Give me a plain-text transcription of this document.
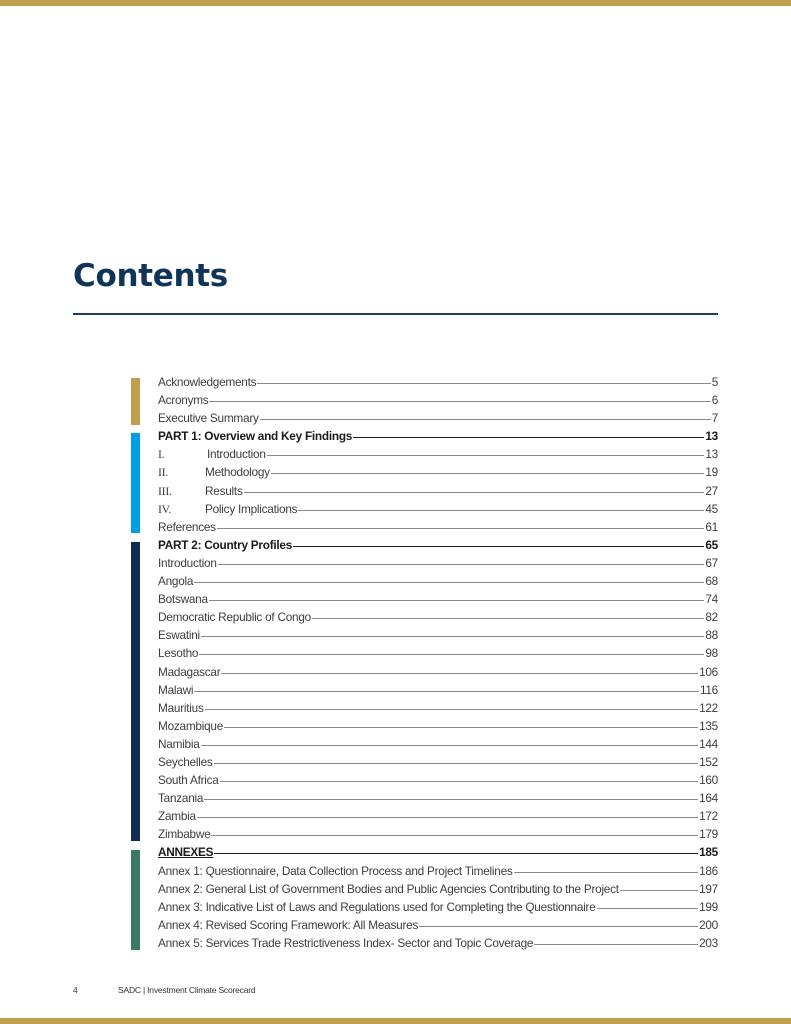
Contents
Acknowledgements	5
Acronyms	6
Executive Summary	7
PART 1: Overview and Key Findings	13
I.	Introduction	13
II.	Methodology	19
III.	Results	27
IV.	Policy Implications	45
References	61
PART 2: Country Profiles	65
Introduction	67
Angola	68
Botswana	74
Democratic Republic of Congo	82
Eswatini	88
Lesotho	98
Madagascar	106
Malawi	116
Mauritius	122
Mozambique	135
Namibia	144
Seychelles	152
South Africa	160
Tanzania	164
Zambia	172
Zimbabwe	179
ANNEXES	185
Annex 1: Questionnaire, Data Collection Process and Project Timelines	186
Annex 2: General List of Government Bodies and Public Agencies Contributing to the Project	197
Annex 3: Indicative List of Laws and Regulations used for Completing the Questionnaire	199
Annex 4: Revised Scoring Framework: All Measures	200
Annex 5: Services Trade Restrictiveness Index- Sector and Topic Coverage	203
4	SADC | Investment Climate Scorecard
